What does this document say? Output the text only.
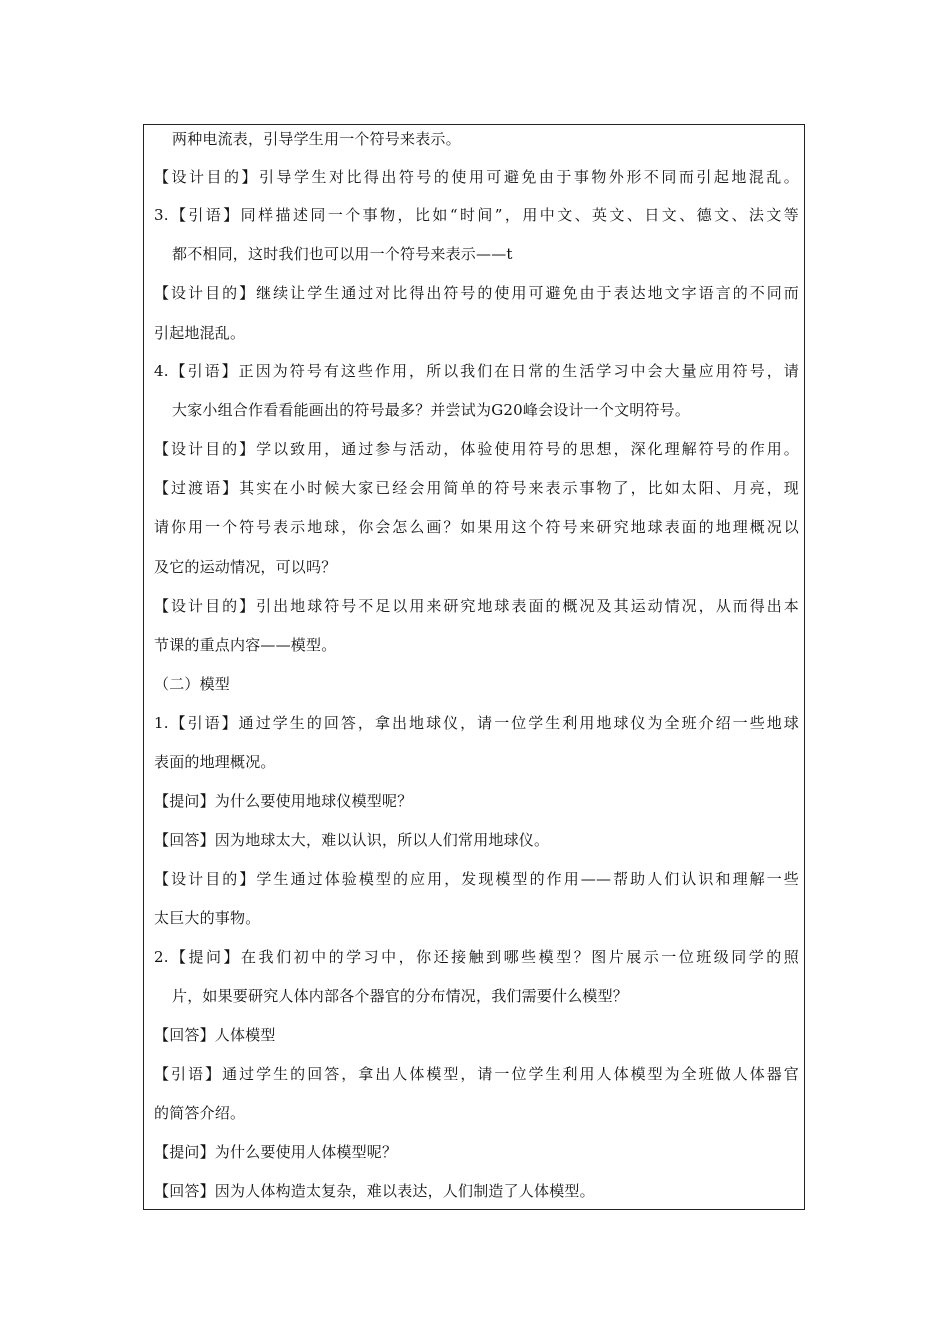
两种电流表，引导学生用一个符号来表示。
【设计目的】引导学生对比得出符号的使用可避免由于事物外形不同而引起地混乱。
3.【引语】同样描述同一个事物，比如“时间”，用中文、英文、日文、德文、法文等
都不相同，这时我们也可以用一个符号来表示——t
【设计目的】继续让学生通过对比得出符号的使用可避免由于表达地文字语言的不同而
引起地混乱。
4.【引语】正因为符号有这些作用，所以我们在日常的生活学习中会大量应用符号，请
大家小组合作看看能画出的符号最多？并尝试为G20峰会设计一个文明符号。
【设计目的】学以致用，通过参与活动，体验使用符号的思想，深化理解符号的作用。
【过渡语】其实在小时候大家已经会用简单的符号来表示事物了，比如太阳、月亮，现
请你用一个符号表示地球，你会怎么画？如果用这个符号来研究地球表面的地理概况以
及它的运动情况，可以吗？
【设计目的】引出地球符号不足以用来研究地球表面的概况及其运动情况，从而得出本
节课的重点内容——模型。
（二）模型
1.【引语】通过学生的回答，拿出地球仪，请一位学生利用地球仪为全班介绍一些地球
表面的地理概况。
【提问】为什么要使用地球仪模型呢？
【回答】因为地球太大，难以认识，所以人们常用地球仪。
【设计目的】学生通过体验模型的应用，发现模型的作用——帮助人们认识和理解一些
太巨大的事物。
2.【提问】在我们初中的学习中，你还接触到哪些模型？图片展示一位班级同学的照
片，如果要研究人体内部各个器官的分布情况，我们需要什么模型？
【回答】人体模型
【引语】通过学生的回答，拿出人体模型，请一位学生利用人体模型为全班做人体器官
的简答介绍。
【提问】为什么要使用人体模型呢？
【回答】因为人体构造太复杂，难以表达，人们制造了人体模型。
